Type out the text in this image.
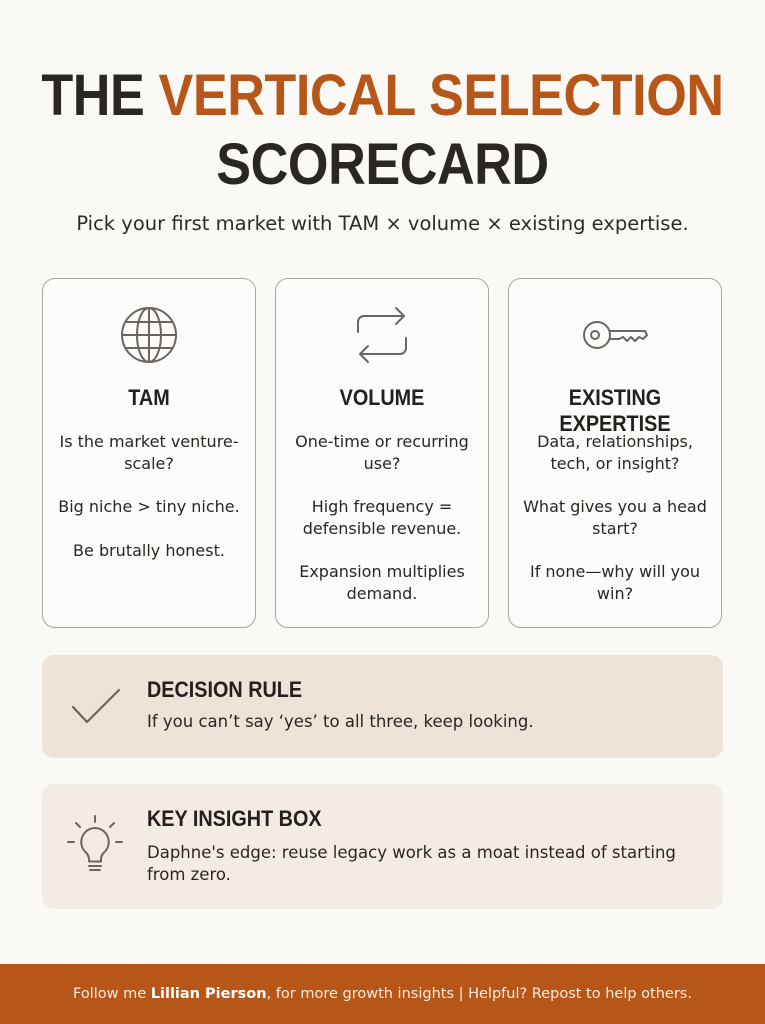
THE VERTICAL SELECTION
SCORECARD

Pick your first market with TAM × volume × existing expertise.

TAM

Is the market venture-scale?

Big niche > tiny niche.

Be brutally honest.

VOLUME

One-time or recurring use?

High frequency = defensible revenue.

Expansion multiplies demand.

EXISTING EXPERTISE

Data, relationships, tech, or insight?

What gives you a head start?

If none—why will you win?

DECISION RULE
If you can’t say ‘yes’ to all three, keep looking.
KEY INSIGHT BOX
Daphne's edge: reuse legacy work as a moat instead of starting from zero.
Follow me
Lillian Pierson , for more growth insights | Helpful? Repost to help others.
